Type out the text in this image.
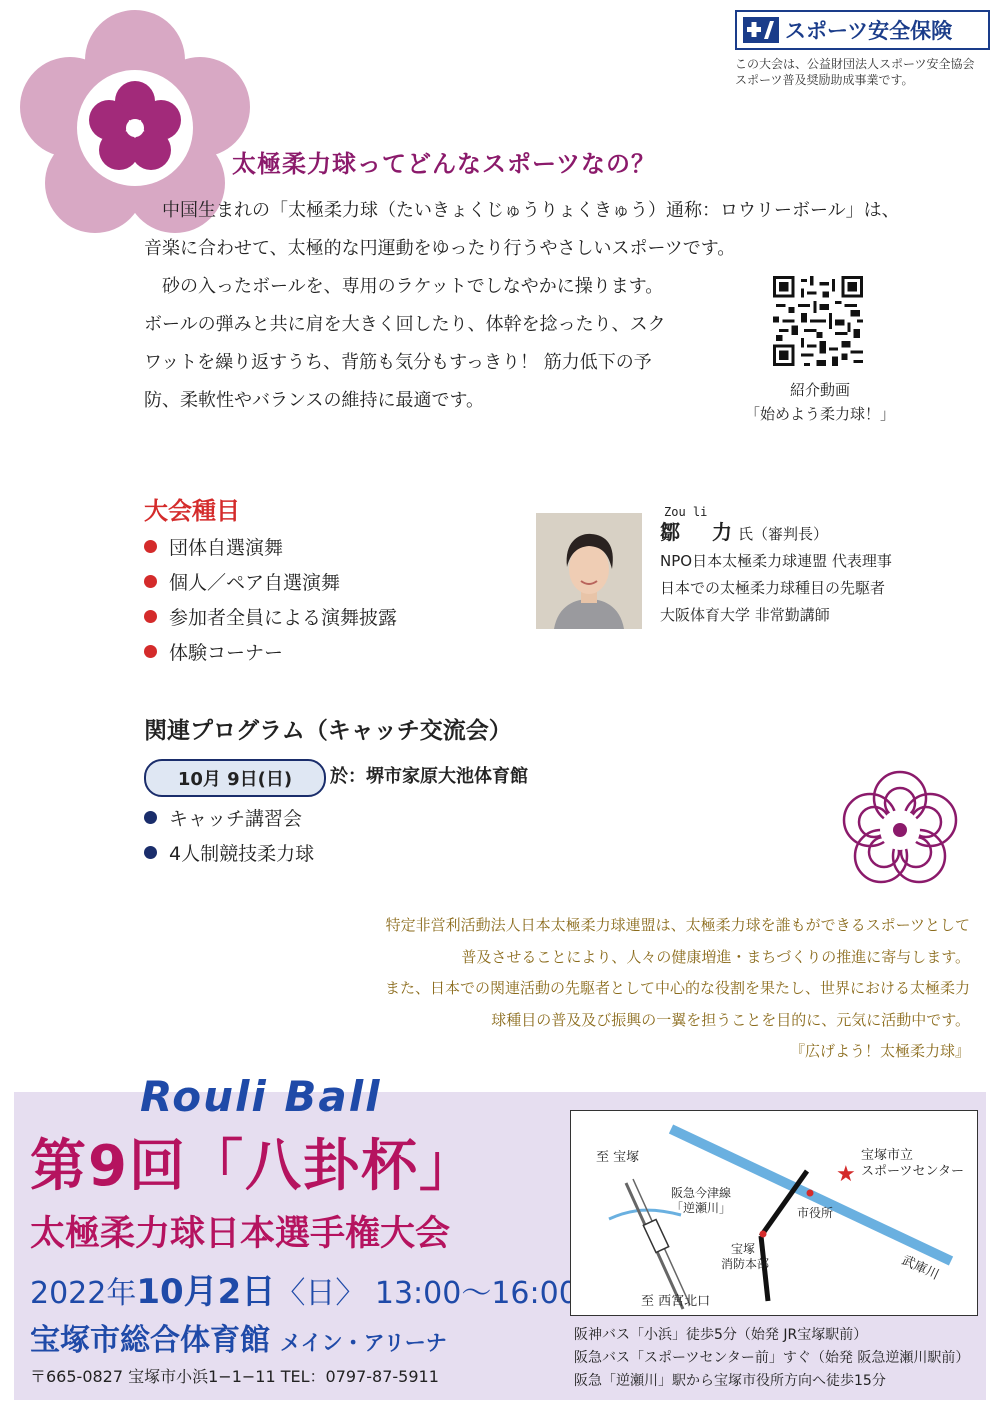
スポーツ安全保険
この大会は、公益財団法人スポーツ安全協会
スポーツ普及奨励助成事業です。
太極柔力球ってどんなスポーツなの？

　中国生まれの「太極柔力球（たいきょくじゅうりょくきゅう）通称：ロウリーボール」は、

音楽に合わせて、太極的な円運動をゆったり行うやさしいスポーツです。

　砂の入ったボールを、専用のラケットでしなやかに操ります。

ボールの弾みと共に肩を大きく回したり、体幹を捻ったり、スク

ワットを繰り返すうち、背筋も気分もすっきり！ 筋力低下の予

防、柔軟性やバランスの維持に最適です。	紹介動画
「始めよう柔力球！」
大会種目
団体自選演舞
個人／ペア自選演舞
参加者全員による演舞披露
体験コーナー
Zou li
鄒　力氏（審判長）
NPO日本太極柔力球連盟 代表理事
日本での太極柔力球種目の先駆者
大阪体育大学 非常勤講師
関連プログラム（キャッチ交流会）
10月 9日(日)	於：堺市家原大池体育館
キャッチ講習会
4人制競技柔力球

特定非営利活動法人日本太極柔力球連盟は、太極柔力球を誰もができるスポーツとして

普及させることにより、人々の健康増進・まちづくりの推進に寄与します。

また、日本での関連活動の先駆者として中心的な役割を果たし、世界における太極柔力

球種目の普及及び振興の一翼を担うことを目的に、元気に活動中です。

『広げよう！太極柔力球』

Rouli Ball
第9回「八卦杯」
太極柔力球日本選手権大会
2022年10月2日〈日〉 13:00〜16:00
宝塚市総合体育館 メイン・アリーナ
〒665-0827 宝塚市小浜1−1−11 TEL：0797-87-5911
★
至 宝塚
阪急今津線
「逆瀬川」
宝塚市立
スポーツセンター
市役所
宝塚
消防本部
至 西宮北口
武庫川

阪神バス「小浜」徒歩5分（始発 JR宝塚駅前）

阪急バス「スポーツセンター前」すぐ（始発 阪急逆瀬川駅前）

阪急「逆瀬川」駅から宝塚市役所方向へ徒歩15分
